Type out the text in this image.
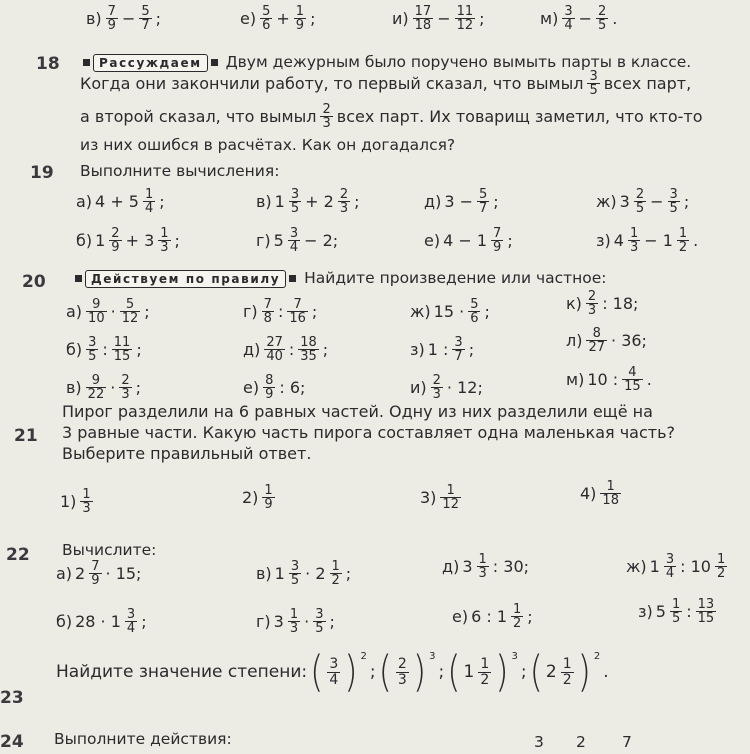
$в) \frac{7}{9} - \frac{5}{7}$ ;	$е) \frac{5}{6} + \frac{1}{9}$ ;	$и) \frac{17}{18} - \frac{11}{12}$ ;	$м) \frac{3}{4} - \frac{2}{5}$ .
18	Рассуждаем Двум дежурным было поручено вымыть парты в классе.
Когда они закончили работу, то первый сказал, что вымыл $\frac{3}{5}$ всех парт,
а второй сказал, что вымыл $\frac{2}{3}$ всех парт. Их товарищ заметил, что кто-то
из них ошибся в расчётах. Как он догадался?
19 Выполните вычисления:
а) $4 + 5 \frac{1}{4}$ ;	в) $1 \frac{3}{5} + 2 \frac{2}{3}$ ;	д) $3 - \frac{5}{7}$ ;	ж) $3 \frac{2}{5} - \frac{3}{5}$ ;
б) $1 \frac{2}{9} + 3 \frac{1}{3}$ ;	г) $5 \frac{3}{4} - 2$;	е) $4 - 1 \frac{7}{9}$ ;	з) $4 \frac{1}{3} - 1 \frac{1}{2}$ .
20	Действуем по правилу Найдите произведение или частное:
$а) \frac{9}{10} \cdot \frac{5}{12}$ ;	$г) \frac{7}{8}$ : $\frac{7}{16}$ ;	ж) $15 \cdot \frac{5}{6}$ ;	$к) \frac{2}{3}$ : 18;
$б) \frac{3}{5}$ : $\frac{11}{15}$ ;	$д) \frac{27}{40}$ : $\frac{18}{35}$ ;	з) 1 : $\frac{3}{7}$ ;	$л) \frac{8}{27} \cdot 36$;
$в) \frac{9}{22} \cdot \frac{2}{3}$ ;	$е) \frac{8}{9}$ : 6;	$и) \frac{2}{3} \cdot 12$;	м) 10 : $\frac{4}{15}$ .
21
Пирог разделили на 6 равных частей. Одну из них разделили ещё на
3 равные части. Какую часть пирога составляет одна маленькая часть?
Выберите правильный ответ.
$1) \frac{1}{3}$	$2) \frac{1}{9}$	$3) \frac{1}{12}$	$4) \frac{1}{18}$
22 Вычислите:
а) $2 \frac{7}{9} \cdot 15$;	в) $1 \frac{3}{5} \cdot 2 \frac{1}{2}$ ;	д) $3 \frac{1}{3}$ : 30;	ж) $1 \frac{3}{4}$ : $10 \frac{1}{2}$
б) $28 \cdot 1 \frac{3}{4}$ ;	г) $3 \frac{1}{3} \cdot \frac{3}{5}$ ;	е) 6 : $1 \frac{1}{2}$ ;	з) $5 \frac{1}{5}$ : $\frac{13}{15}$
23
Найдите значение степени: ( $\frac{3}{4}$ ) 2
; ( $\frac{2}{3}$ ) 3
; ( $1 \frac{1}{2}$ ) 3
; ( $2 \frac{1}{2}$ ) 2
.
24 Выполните действия:	3 2 7
